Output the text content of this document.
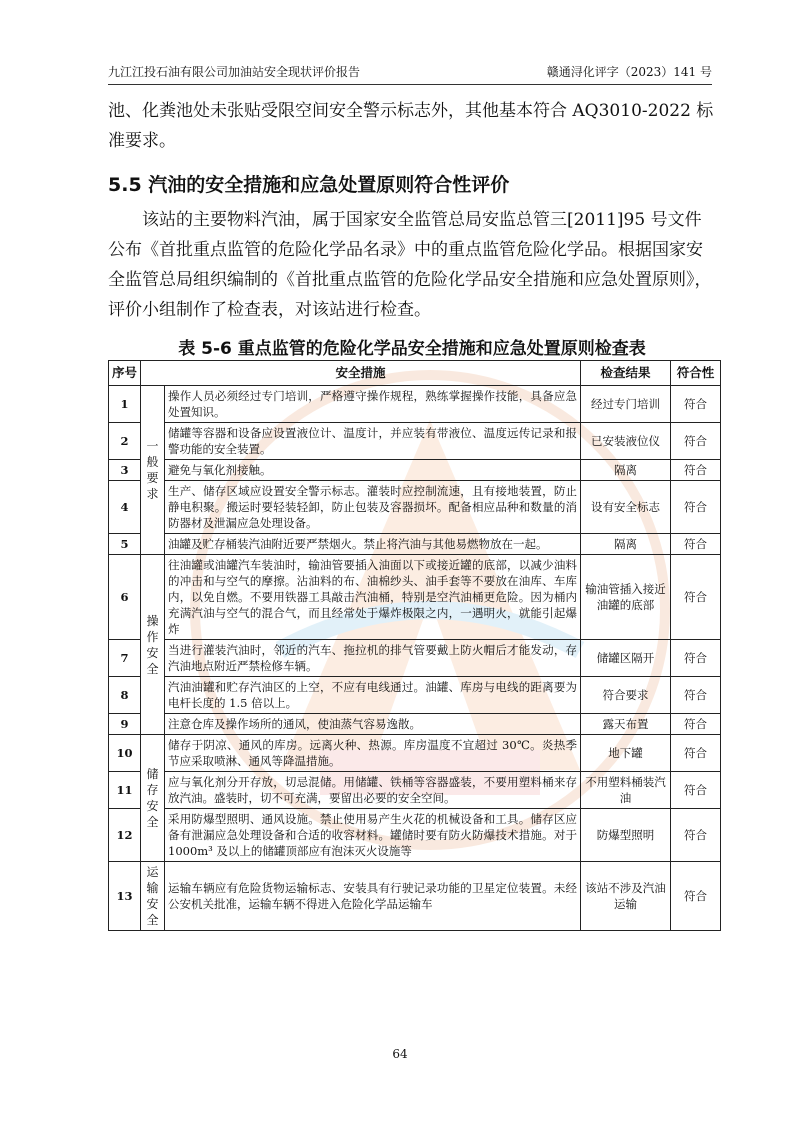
九江江投石油有限公司加油站安全现状评价报告	赣通浔化评字（2023）141 号

池、化粪池处未张贴受限空间安全警示标志外，其他基本符合 AQ3010-2022 标准要求。

5.5 汽油的安全措施和应急处置原则符合性评价

该站的主要物料汽油，属于国家安全监管总局安监总管三[2011]95 号文件公布《首批重点监管的危险化学品名录》中的重点监管危险化学品。根据国家安全监管总局组织编制的《首批重点监管的危险化学品安全措施和应急处置原则》，评价小组制作了检查表，对该站进行检查。

表 5-6 重点监管的危险化学品安全措施和应急处置原则检查表

序号	安全措施		检查结果	符合性
1	一般要求	操作人员必须经过专门培训，严格遵守操作规程，熟练掌握操作技能，具备应急处置知识。	经过专门培训	符合
2		储罐等容器和设备应设置液位计、温度计，并应装有带液位、温度远传记录和报警功能的安全装置。	已安装液位仪	符合
3		避免与氧化剂接触。	隔离	符合
4		生产、储存区域应设置安全警示标志。灌装时应控制流速，且有接地装置，防止静电积聚。搬运时要轻装轻卸，防止包装及容器损坏。配备相应品种和数量的消防器材及泄漏应急处理设备。	设有安全标志	符合
5		油罐及贮存桶装汽油附近要严禁烟火。禁止将汽油与其他易燃物放在一起。	隔离	符合
6	操作安全	往油罐或油罐汽车装油时，输油管要插入油面以下或接近罐的底部，以减少油料的冲击和与空气的摩擦。沾油料的布、油棉纱头、油手套等不要放在油库、车库内，以免自燃。不要用铁器工具敲击汽油桶，特别是空汽油桶更危险。因为桶内充满汽油与空气的混合气，而且经常处于爆炸极限之内，一遇明火，就能引起爆炸	输油管插入接近油罐的底部	符合
7		当进行灌装汽油时，邻近的汽车、拖拉机的排气管要戴上防火帽后才能发动，存汽油地点附近严禁检修车辆。	储罐区隔开	符合
8		汽油油罐和贮存汽油区的上空，不应有电线通过。油罐、库房与电线的距离要为电杆长度的 1.5 倍以上。	符合要求	符合
9		注意仓库及操作场所的通风，使油蒸气容易逸散。	露天布置	符合
10	储存安全	储存于阴凉、通风的库房。远离火种、热源。库房温度不宜超过 30℃。炎热季节应采取喷淋、通风等降温措施。	地下罐	符合
11		应与氧化剂分开存放，切忌混储。用储罐、铁桶等容器盛装，不要用塑料桶来存放汽油。盛装时，切不可充满，要留出必要的安全空间。	不用塑料桶装汽油	符合
12		采用防爆型照明、通风设施。禁止使用易产生火花的机械设备和工具。储存区应备有泄漏应急处理设备和合适的收容材料。罐储时要有防火防爆技术措施。对于 1000m³ 及以上的储罐顶部应有泡沫灭火设施等	防爆型照明	符合
13	运输安全	运输车辆应有危险货物运输标志、安装具有行驶记录功能的卫星定位装置。未经公安机关批准，运输车辆不得进入危险化学品运输车	该站不涉及汽油运输	符合
64
